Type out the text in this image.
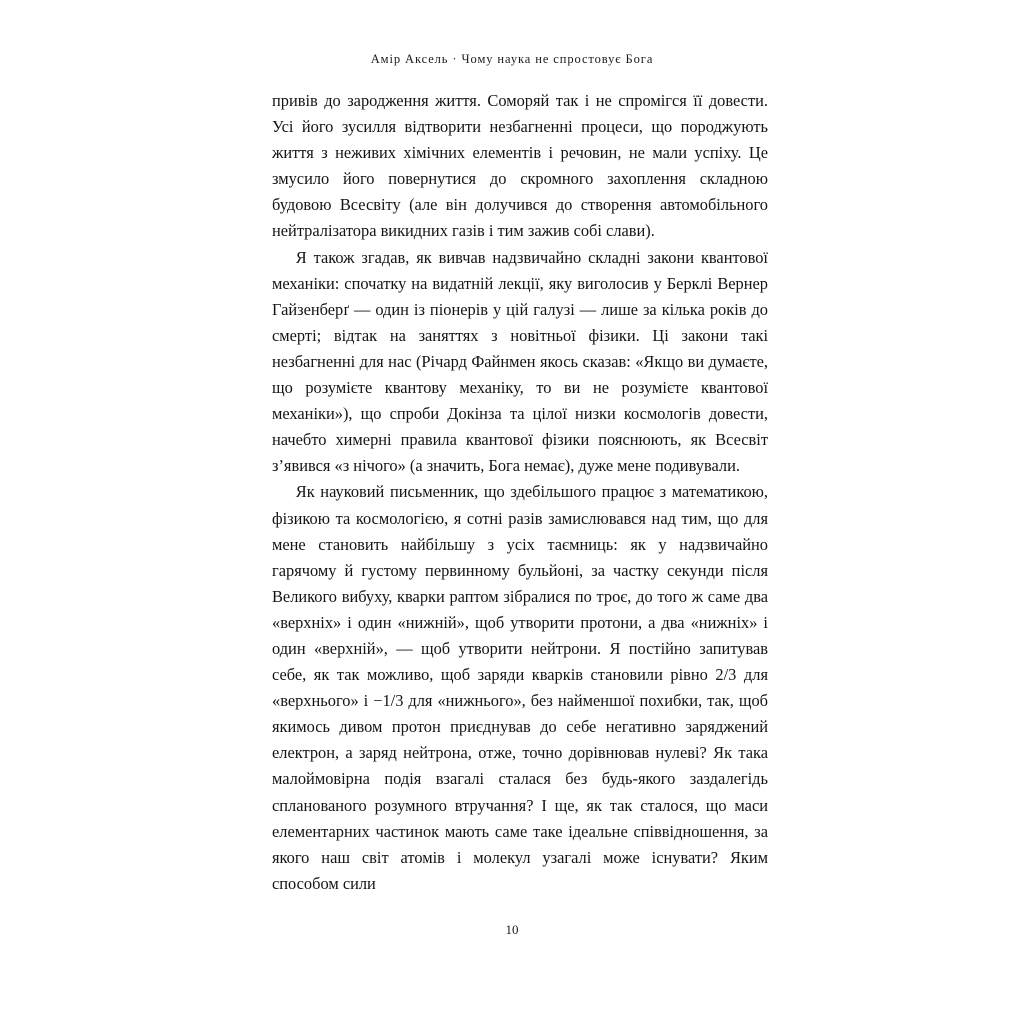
Амір Аксель · Чому наука не спростовує Бога

привів до зародження життя. Соморяй так і не спромігся її довести. Усі його зусилля відтворити незбагненні процеси, що породжують життя з неживих хімічних елементів і речовин, не мали успіху. Це змусило його повернутися до скромного захоплення складною будовою Всесвіту (але він долучився до створення автомобільного нейтралізатора викидних газів і тим зажив собі слави).

Я також згадав, як вивчав надзвичайно складні закони квантової механіки: спочатку на видатній лекції, яку виголосив у Берклі Вернер Гайзенберґ — один із піонерів у цій галузі — лише за кілька років до смерті; відтак на заняттях з новітньої фізики. Ці закони такі незбагненні для нас (Річард Файнмен якось сказав: «Якщо ви думаєте, що розумієте квантову механіку, то ви не розумієте квантової механіки»), що спроби Докінза та цілої низки космологів довести, начебто химерні правила квантової фізики пояснюють, як Всесвіт з’явився «з нічого» (а значить, Бога немає), дуже мене подивували.

Як науковий письменник, що здебільшого працює з математикою, фізикою та космологією, я сотні разів замислювався над тим, що для мене становить найбільшу з усіх таємниць: як у надзвичайно гарячому й густому первинному бульйоні, за частку секунди після Великого вибуху, кварки раптом зібралися по троє, до того ж саме два «верхніх» і один «нижній», щоб утворити протони, а два «нижніх» і один «верхній», — щоб утворити нейтрони. Я постійно запитував себе, як так можливо, щоб заряди кварків становили рівно 2/3 для «верхнього» і −1/3 для «нижнього», без найменшої похибки, так, щоб якимось дивом протон приєднував до себе негативно заряджений електрон, а заряд нейтрона, отже, точно дорівнював нулеві? Як така малоймовірна подія взагалі сталася без будь-якого заздалегідь спланованого розумного втручання? І ще, як так сталося, що маси елементарних частинок мають саме таке ідеальне співвідношення, за якого наш світ атомів і молекул узагалі може існувати? Яким способом сили

10
